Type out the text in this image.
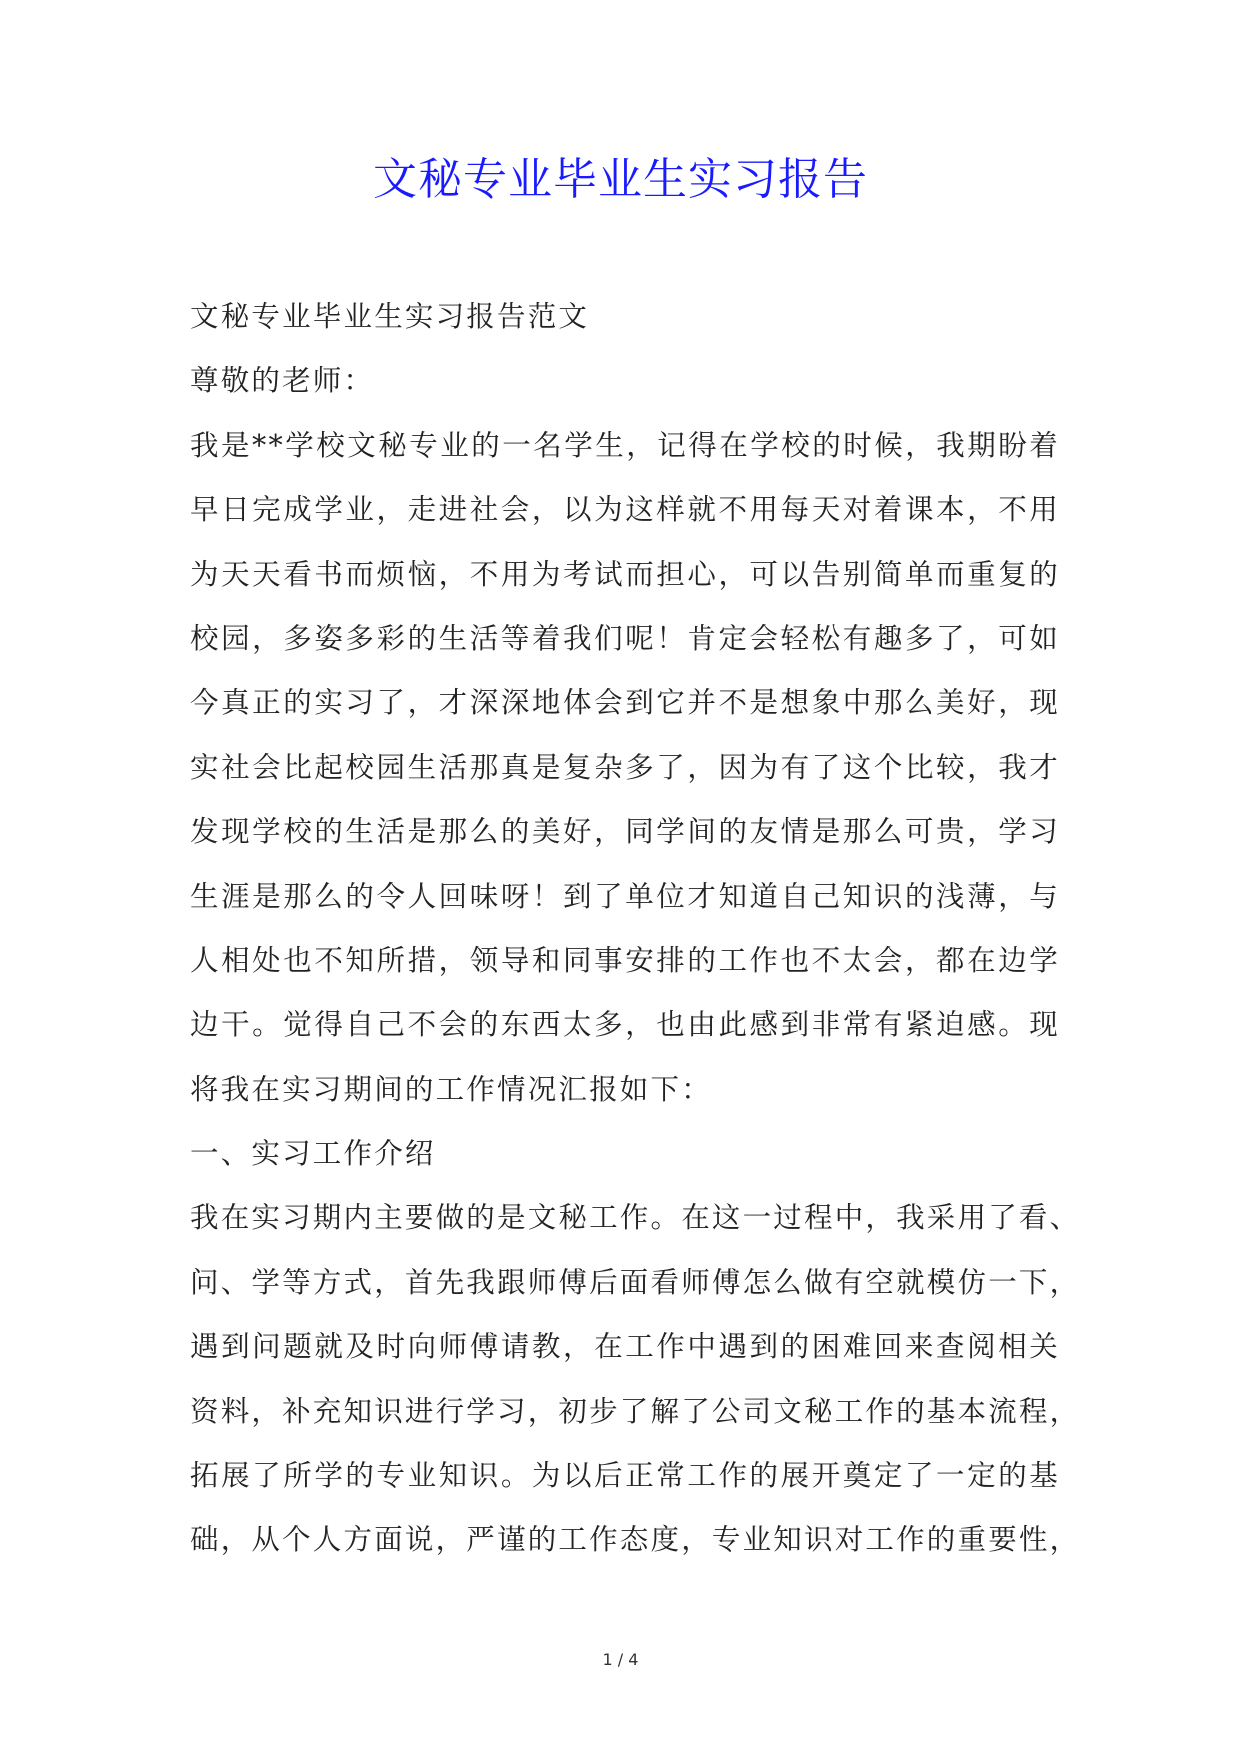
文秘专业毕业生实习报告
文秘专业毕业生实习报告范文
尊敬的老师：
我是**学校文秘专业的一名学生，记得在学校的时候，我期盼着
早日完成学业，走进社会，以为这样就不用每天对着课本，不用
为天天看书而烦恼，不用为考试而担心，可以告别简单而重复的
校园，多姿多彩的生活等着我们呢！肯定会轻松有趣多了，可如
今真正的实习了，才深深地体会到它并不是想象中那么美好，现
实社会比起校园生活那真是复杂多了，因为有了这个比较，我才
发现学校的生活是那么的美好，同学间的友情是那么可贵，学习
生涯是那么的令人回味呀！到了单位才知道自己知识的浅薄，与
人相处也不知所措，领导和同事安排的工作也不太会，都在边学
边干。觉得自己不会的东西太多，也由此感到非常有紧迫感。现
将我在实习期间的工作情况汇报如下：
一、实习工作介绍
我在实习期内主要做的是文秘工作。在这一过程中，我采用了看、
问、学等方式，首先我跟师傅后面看师傅怎么做有空就模仿一下，
遇到问题就及时向师傅请教，在工作中遇到的困难回来查阅相关
资料，补充知识进行学习，初步了解了公司文秘工作的基本流程，
拓展了所学的专业知识。为以后正常工作的展开奠定了一定的基
础，从个人方面说，严谨的工作态度，专业知识对工作的重要性，
1 / 4
